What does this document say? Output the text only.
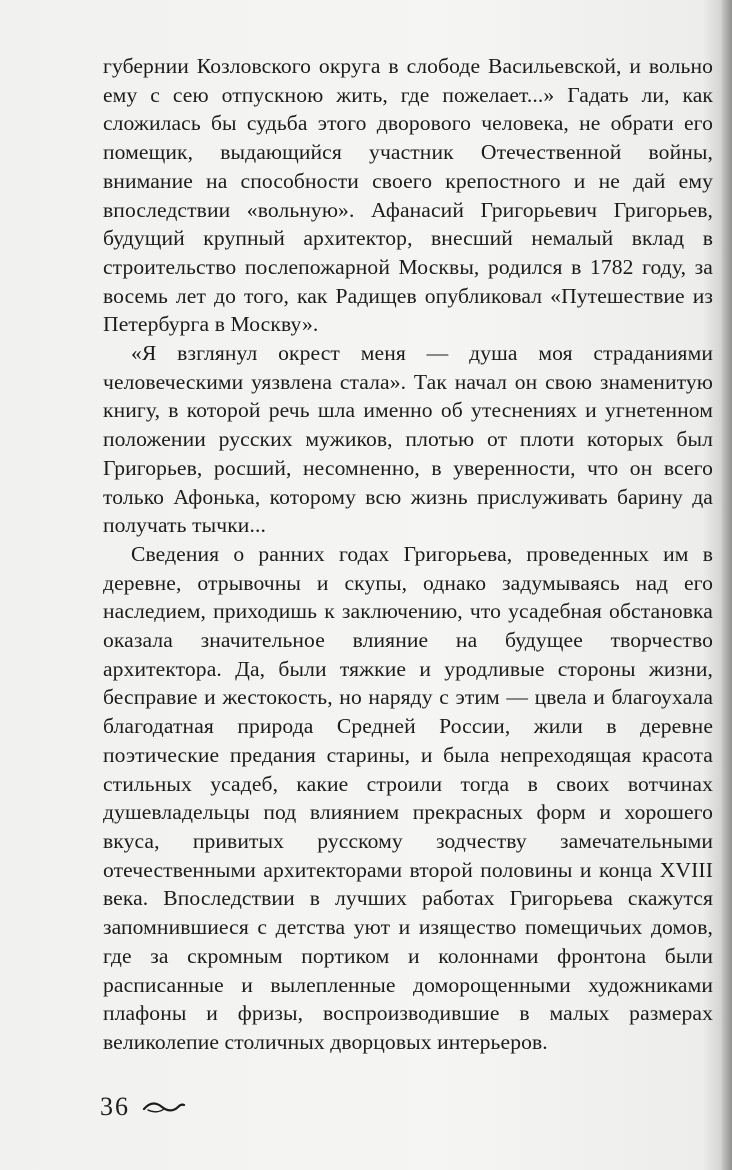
губернии Козловского округа в слободе Васильевской, и вольно ему с сею отпускною жить, где пожелает...» Гадать ли, как сложилась бы судьба этого дворового человека, не обрати его помещик, выдающийся участник Отечественной войны, внимание на способности своего крепостного и не дай ему впоследствии «вольную». Афанасий Григорьевич Григорьев, будущий крупный архитектор, внесший немалый вклад в строительство послепожарной Москвы, родился в 1782 году, за восемь лет до того, как Радищев опубликовал «Путешествие из Петербурга в Москву».

«Я взглянул окрест меня — душа моя страданиями человеческими уязвлена стала». Так начал он свою знаменитую книгу, в которой речь шла именно об утеснениях и угнетенном положении русских мужиков, плотью от плоти которых был Григорьев, росший, несомненно, в уверенности, что он всего только Афонька, которому всю жизнь прислуживать барину да получать тычки...

Сведения о ранних годах Григорьева, проведенных им в деревне, отрывочны и скупы, однако задумываясь над его наследием, приходишь к заключению, что усадебная обстановка оказала значительное влияние на будущее творчество архитектора. Да, были тяжкие и уродливые стороны жизни, бесправие и жестокость, но наряду с этим — цвела и благоухала благодатная природа Средней России, жили в деревне поэтические предания старины, и была непреходящая красота стильных усадеб, какие строили тогда в своих вотчинах душевладельцы под влиянием прекрасных форм и хорошего вкуса, привитых русскому зодчеству замечательными отечественными архитекторами второй половины и конца XVIII века. Впоследствии в лучших работах Григорьева скажутся запомнившиеся с детства уют и изящество помещичьих домов, где за скромным портиком и колоннами фронтона были расписанные и вылепленные доморощенными художниками плафоны и фризы, воспроизводившие в малых размерах великолепие столичных дворцовых интерьеров.

36
